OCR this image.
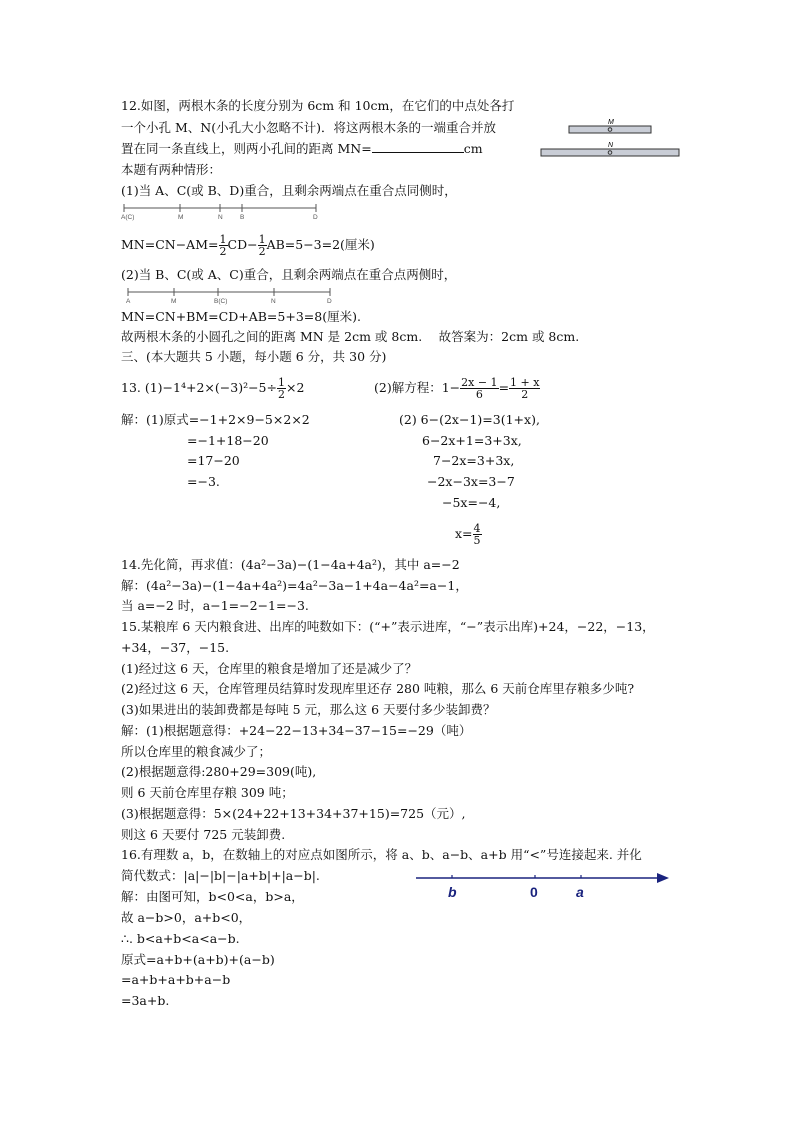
12.如图，两根木条的长度分别为 6cm 和 10cm，在它们的中点处各打
一个小孔 M、N(小孔大小忽略不计)．将这两根木条的一端重合并放
置在同一条直线上，则两小孔间的距离 MN=	cm
M
N
本题有两种情形：
(1)当 A、C(或 B、D)重合，且剩余两端点在重合点同侧时，
A(C)	M	N	B	D
$MN=CN-AM= \frac{1}{2} CD- \frac{1}{2} AB=5-3=2$(厘米)
(2)当 B、C(或 A、C)重合，且剩余两端点在重合点两侧时，
A	M	B(C)	N	D
MN=CN+BM=CD+AB=5+3=8(厘米).
故两根木条的小圆孔之间的距离 MN 是 2cm 或 8cm.　 故答案为：2cm 或 8cm.
三、(本大题共 5 小题，每小题 6 分，共 30 分)
13. $(1)-1^4+2\times(-3)^2-5\div \frac{1}{2} \times 2$	(2)解方程：$1- \frac{2x - 1}{6} = \frac{1 + x}{2}$
解：(1)原式=−1+2×9−5×2×2
=−1+18−20
=17−20
=−3.
(2) 6−(2x−1)=3(1+x),
6−2x+1=3+3x,
7−2x=3+3x,
−2x−3x=3−7
−5x=−4,
$x= \frac{4}{5}$
14.先化简，再求值：(4a²−3a)−(1−4a+4a²)，其中 a=−2
解：(4a²−3a)−(1−4a+4a²)=4a²−3a−1+4a−4a²=a−1，
当 a=−2 时，a−1=−2−1=−3.
15.某粮库 6 天内粮食进、出库的吨数如下：(“+”表示进库，“−”表示出库)+24，−22，−13，
+34，−37，−15.
(1)经过这 6 天，仓库里的粮食是增加了还是减少了？
(2)经过这 6 天，仓库管理员结算时发现库里还存 280 吨粮，那么 6 天前仓库里存粮多少吨?
(3)如果进出的装卸费都是每吨 5 元，那么这 6 天要付多少装卸费？
解：(1)根据题意得：+24−22−13+34−37−15=−29（吨）
所以仓库里的粮食减少了；
(2)根据题意得:280+29=309(吨),
则 6 天前仓库里存粮 309 吨；
(3)根据题意得：5×(24+22+13+34+37+15)=725（元）,
则这 6 天要付 725 元装卸费.
16.有理数 a，b，在数轴上的对应点如图所示，将 a、b、a−b、a+b 用“<”号连接起来. 并化
简代数式：|a|−|b|−|a+b|+|a−b|.
解：由图可知，b<0<a，b>a，
故 a−b>0，a+b<0，
∴. b<a+b<a<a−b.
原式=a+b+(a+b)+(a−b)
=a+b+a+b+a−b
=3a+b.
b	0	a
